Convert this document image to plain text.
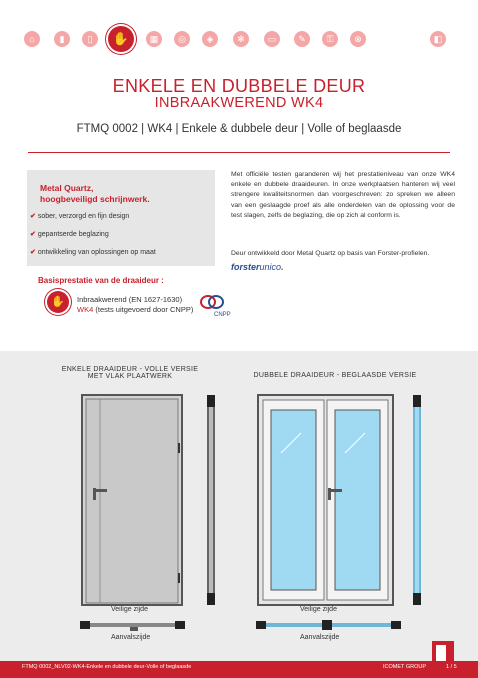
⌂	▮	▯	✋	▦	◎	◈	✻	▭	✎	⚿	⊗	◧
ENKELE EN DUBBELE DEUR
INBRAAKWEREND WK4
FTMQ 0002 | WK4 | Enkele & dubbele deur | Volle of beglaasde
Metal Quartz,
hoogbeveiligd schrijnwerk.
✔ sober, verzorgd en fijn design
✔ gepantserde beglazing
✔ ontwikkeling van oplossingen op maat
Basisprestatie van de draaideur :
✋	Inbraakwerend (EN 1627-1630)
WK4 (tests uitgevoerd door CNPP)
CNPP
Met officiële testen garanderen wij het prestatieniveau van onze WK4 enkele en dubbele draaideuren. In onze werkplaatsen hanteren wij veel strengere kwaliteitsnormen dan voorgeschreven: zo spreken we alleen van een geslaagde proef als alle onderdelen van de oplossing voor de test slagen, zelfs de beglazing, die op zich al conform is.
Deur ontwikkeld door Metal Quartz op basis van Forster-profielen.
forsterunico.
ENKELE DRAAIDEUR - VOLLE VERSIE
MET VLAK PLAATWERK	DUBBELE DRAAIDEUR - BEGLAASDE VERSIE
Veilige zijde
Aanvalszijde
Veilige zijde
Aanvalszijde
FTMQ 0002_NLV02-WK4-Enkele en dubbele deur-Volle of beglaasde	ICOMET GROUP	1 / 5
